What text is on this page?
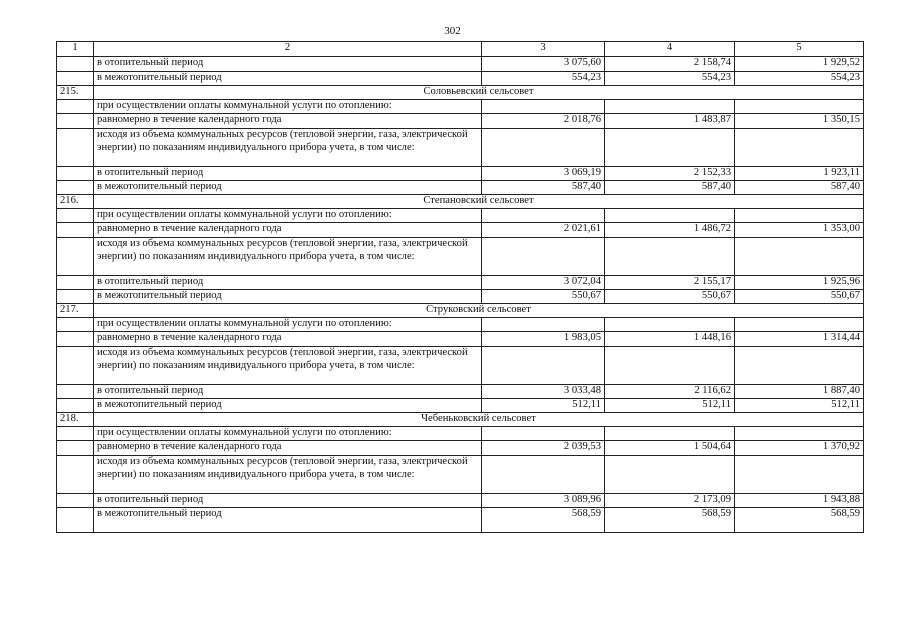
302
1	2	3	4	5
	в отопительный период	3 075,60	2 158,74	1 929,52
	в межотопительный период	554,23	554,23	554,23
215.	Соловьевский сельсовет			
	при осуществлении оплаты коммунальной услуги по отоплению:			
	равномерно в течение календарного года	2 018,76	1 483,87	1 350,15
	исходя из объема коммунальных ресурсов (тепловой энергии, газа, электрической энергии) по показаниям индивидуального прибора учета, в том числе:			
	в отопительный период	3 069,19	2 152,33	1 923,11
	в межотопительный период	587,40	587,40	587,40
216.	Степановский сельсовет			
	при осуществлении оплаты коммунальной услуги по отоплению:			
	равномерно в течение календарного года	2 021,61	1 486,72	1 353,00
	исходя из объема коммунальных ресурсов (тепловой энергии, газа, электрической энергии) по показаниям индивидуального прибора учета, в том числе:			
	в отопительный период	3 072,04	2 155,17	1 925,96
	в межотопительный период	550,67	550,67	550,67
217.	Струковский сельсовет			
	при осуществлении оплаты коммунальной услуги по отоплению:			
	равномерно в течение календарного года	1 983,05	1 448,16	1 314,44
	исходя из объема коммунальных ресурсов (тепловой энергии, газа, электрической энергии) по показаниям индивидуального прибора учета, в том числе:			
	в отопительный период	3 033,48	2 116,62	1 887,40
	в межотопительный период	512,11	512,11	512,11
218.	Чебеньковский сельсовет			
	при осуществлении оплаты коммунальной услуги по отоплению:			
	равномерно в течение календарного года	2 039,53	1 504,64	1 370,92
	исходя из объема коммунальных ресурсов (тепловой энергии, газа, электрической энергии) по показаниям индивидуального прибора учета, в том числе:			
	в отопительный период	3 089,96	2 173,09	1 943,88
	в межотопительный период	568,59	568,59	568,59
